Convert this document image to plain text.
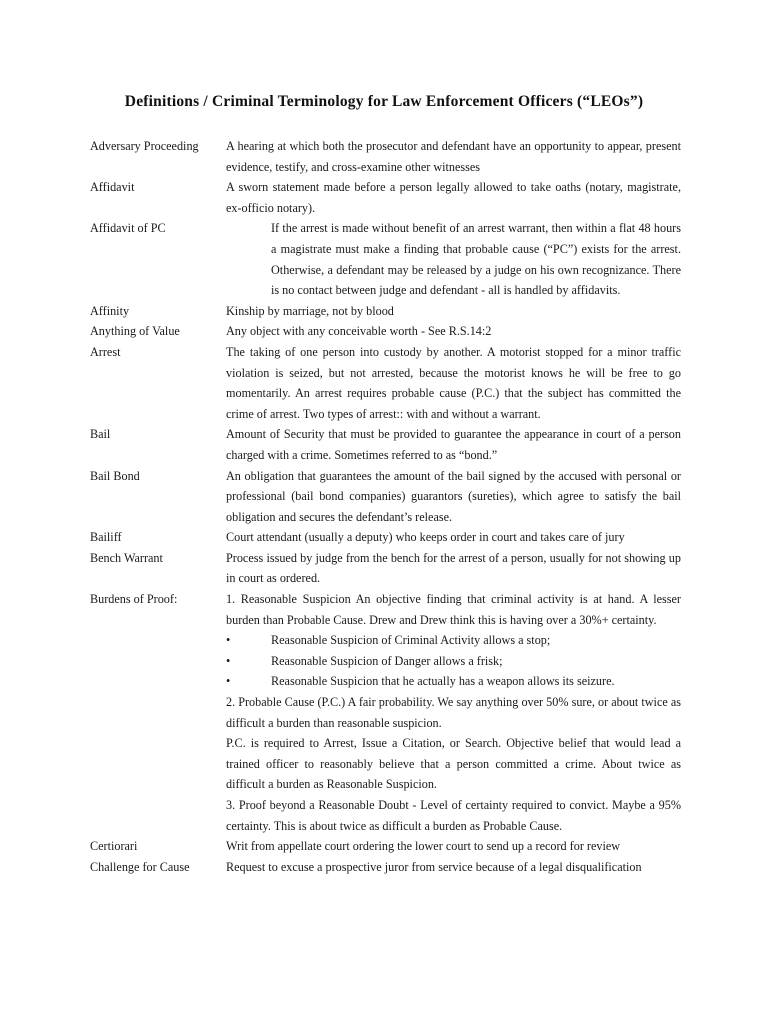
Definitions / Criminal Terminology for Law Enforcement Officers (“LEOs”)
Adversary Proceeding	A hearing at which both the prosecutor and defendant have an opportunity to appear, present evidence, testify, and cross-examine other witnesses

Affidavit	A sworn statement made before a person legally allowed to take oaths (notary, magistrate, ex-officio notary).

Affidavit of PC	If the arrest is made without benefit of an arrest warrant, then within a flat 48 hours a magistrate must make a finding that probable cause (“PC”) exists for the arrest. Otherwise, a defendant may be released by a judge on his own recognizance. There is no contact between judge and defendant - all is handled by affidavits.

Affinity	Kinship by marriage, not by blood

Anything of Value	Any object with any conceivable worth - See R.S.14:2

Arrest	The taking of one person into custody by another. A motorist stopped for a minor traffic violation is seized, but not arrested, because the motorist knows he will be free to go momentarily. An arrest requires probable cause (P.C.) that the subject has committed the crime of arrest. Two types of arrest:: with and without a warrant.

Bail	Amount of Security that must be provided to guarantee the appearance in court of a person charged with a crime. Sometimes referred to as “bond.”

Bail Bond	An obligation that guarantees the amount of the bail signed by the accused with personal or professional (bail bond companies) guarantors (sureties), which agree to satisfy the bail obligation and secures the defendant’s release.

Bailiff	Court attendant (usually a deputy) who keeps order in court and takes care of jury

Bench Warrant	Process issued by judge from the bench for the arrest of a person, usually for not showing up in court as ordered.

Burdens of Proof:	1. Reasonable Suspicion An objective finding that criminal activity is at hand. A lesser burden than Probable Cause. Drew and Drew think this is having over a 30%+ certainty.

•	Reasonable Suspicion of Criminal Activity allows a stop;
•	Reasonable Suspicion of Danger allows a frisk;
•	Reasonable Suspicion that he actually has a weapon allows its seizure.

2. Probable Cause (P.C.) A fair probability. We say anything over 50% sure, or about twice as difficult a burden than reasonable suspicion.

P.C. is required to Arrest, Issue a Citation, or Search. Objective belief that would lead a trained officer to reasonably believe that a person committed a crime. About twice as difficult a burden as Reasonable Suspicion.

3. Proof beyond a Reasonable Doubt - Level of certainty required to convict. Maybe a 95% certainty. This is about twice as difficult a burden as Probable Cause.

Certiorari	Writ from appellate court ordering the lower court to send up a record for review

Challenge for Cause	Request to excuse a prospective juror from service because of a legal disqualification
